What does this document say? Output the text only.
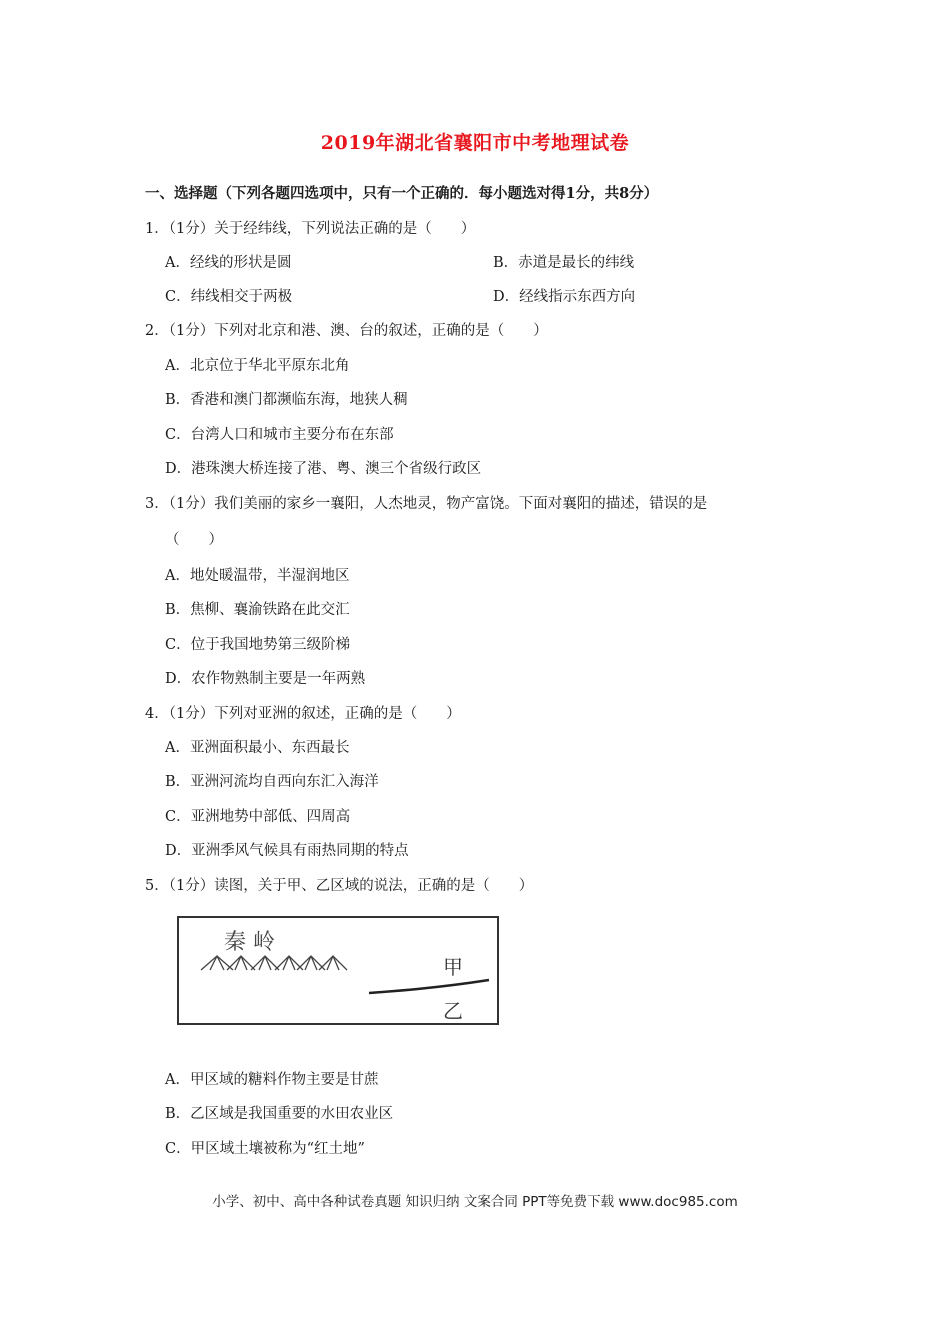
2019年湖北省襄阳市中考地理试卷
一、选择题（下列各题四选项中，只有一个正确的．每小题选对得1分，共8分）
1．（1分）关于经纬线，下列说法正确的是（　　）
A．经线的形状是圆	B．赤道是最长的纬线
C．纬线相交于两极	D．经线指示东西方向
2．（1分）下列对北京和港、澳、台的叙述，正确的是（　　）
A．北京位于华北平原东北角
B．香港和澳门都濒临东海，地狭人稠
C．台湾人口和城市主要分布在东部
D．港珠澳大桥连接了港、粤、澳三个省级行政区
3．（1分）我们美丽的家乡一襄阳，人杰地灵，物产富饶。下面对襄阳的描述，错误的是
（　　）
A．地处暖温带，半湿润地区
B．焦柳、襄渝铁路在此交汇
C．位于我国地势第三级阶梯
D．农作物熟制主要是一年两熟
4．（1分）下列对亚洲的叙述，正确的是（　　）
A．亚洲面积最小、东西最长
B．亚洲河流均自西向东汇入海洋
C．亚洲地势中部低、四周高
D．亚洲季风气候具有雨热同期的特点
5．（1分）读图，关于甲、乙区域的说法，正确的是（　　）
秦 岭
甲
乙
A．甲区域的糖料作物主要是甘蔗
B．乙区域是我国重要的水田农业区
C．甲区域土壤被称为“红土地”
小学、初中、高中各种试卷真题 知识归纳 文案合同 PPT等免费下载 www.doc985.com
